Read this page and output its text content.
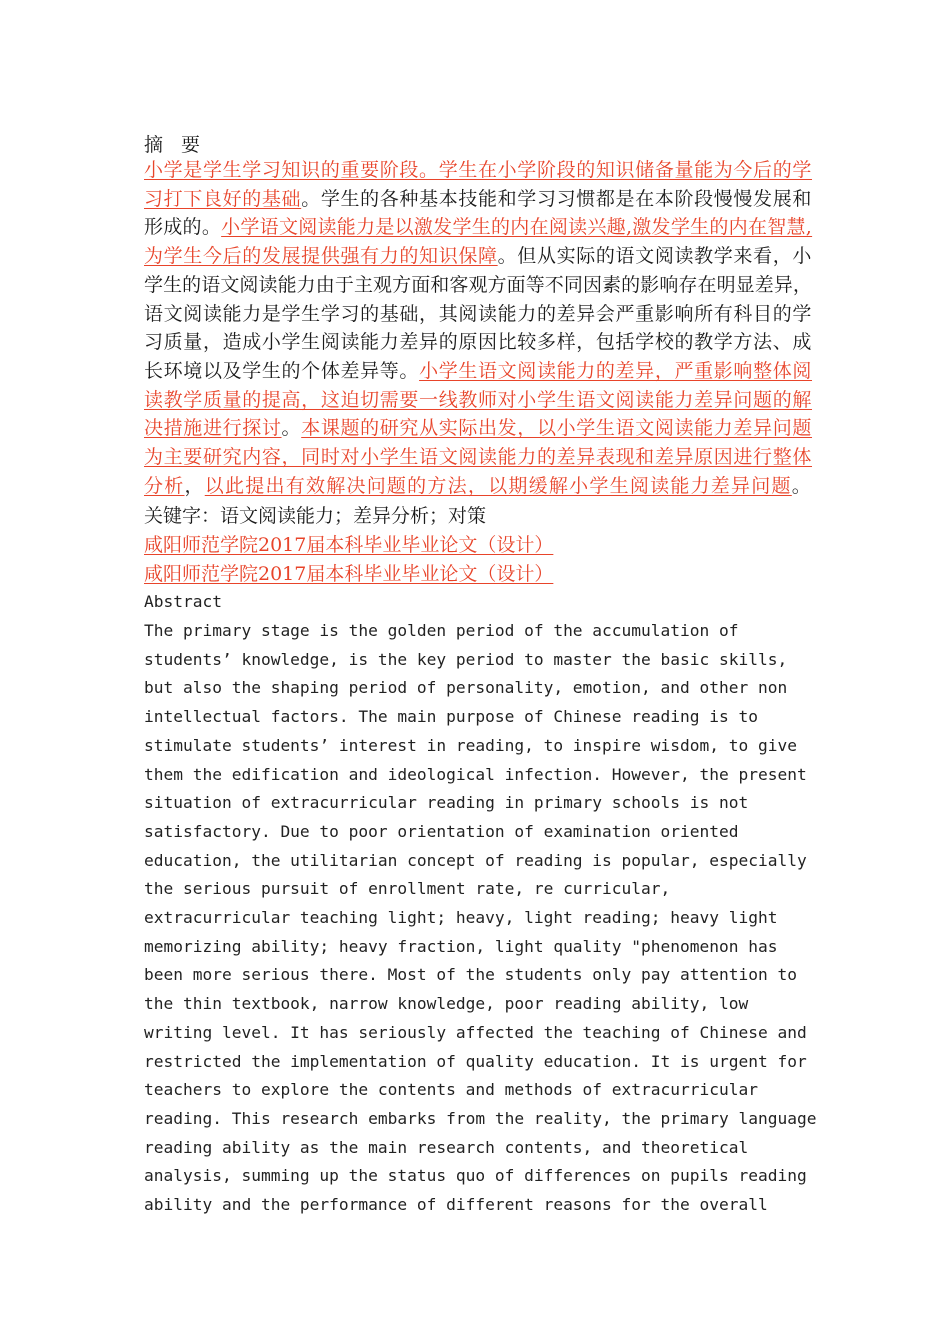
摘 要
小学是学生学习知识的重要阶段。学生在小学阶段的知识储备量能为今后的学
习打下良好的基础。学生的各种基本技能和学习习惯都是在本阶段慢慢发展和
形成的。小学语文阅读能力是以激发学生的内在阅读兴趣,激发学生的内在智慧,
为学生今后的发展提供强有力的知识保障。但从实际的语文阅读教学来看，小
学生的语文阅读能力由于主观方面和客观方面等不同因素的影响存在明显差异，
语文阅读能力是学生学习的基础，其阅读能力的差异会严重影响所有科目的学
习质量，造成小学生阅读能力差异的原因比较多样，包括学校的教学方法、成
长环境以及学生的个体差异等。小学生语文阅读能力的差异，严重影响整体阅
读教学质量的提高，这迫切需要一线教师对小学生语文阅读能力差异问题的解
决措施进行探讨。本课题的研究从实际出发，以小学生语文阅读能力差异问题
为主要研究内容，同时对小学生语文阅读能力的差异表现和差异原因进行整体
分析，以此提出有效解决问题的方法，以期缓解小学生阅读能力差异问题。
关键字：语文阅读能力；差异分析；对策
咸阳师范学院2017届本科毕业毕业论文（设计）
咸阳师范学院2017届本科毕业毕业论文（设计）
Abstract
The primary stage is the golden period of the accumulation of
students’ knowledge, is the key period to master the basic skills,
but also the shaping period of personality, emotion, and other non
intellectual factors. The main purpose of Chinese reading is to
stimulate students’ interest in reading, to inspire wisdom, to give
them the edification and ideological infection. However, the present
situation of extracurricular reading in primary schools is not
satisfactory. Due to poor orientation of examination oriented
education, the utilitarian concept of reading is popular, especially
the serious pursuit of enrollment rate, re curricular,
extracurricular teaching light; heavy, light reading; heavy light
memorizing ability; heavy fraction, light quality "phenomenon has
been more serious there. Most of the students only pay attention to
the thin textbook, narrow knowledge, poor reading ability, low
writing level. It has seriously affected the teaching of Chinese and
restricted the implementation of quality education. It is urgent for
teachers to explore the contents and methods of extracurricular
reading. This research embarks from the reality, the primary language
reading ability as the main research contents, and theoretical
analysis, summing up the status quo of differences on pupils reading
ability and the performance of different reasons for the overall
